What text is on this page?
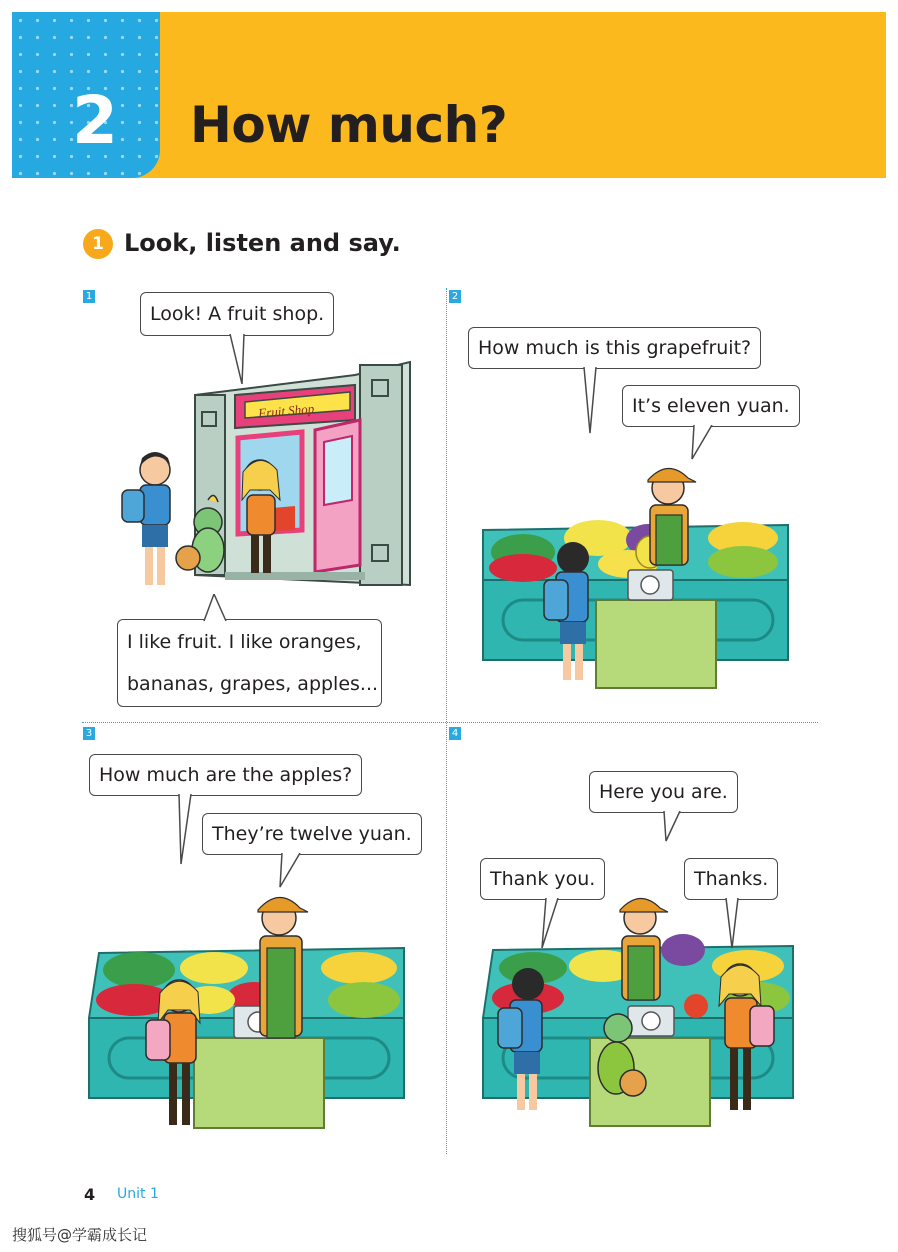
2 How much?
1 Look, listen and say.
1	2
3	4
Fruit Shop
Look! A fruit shop.
I like fruit. I like oranges,
bananas, grapes, apples...
How much is this grapefruit?
It’s eleven yuan.
How much are the apples?
They’re twelve yuan.
Here you are.
Thank you.	Thanks.
4 Unit 1
搜狐号@学霸成长记
